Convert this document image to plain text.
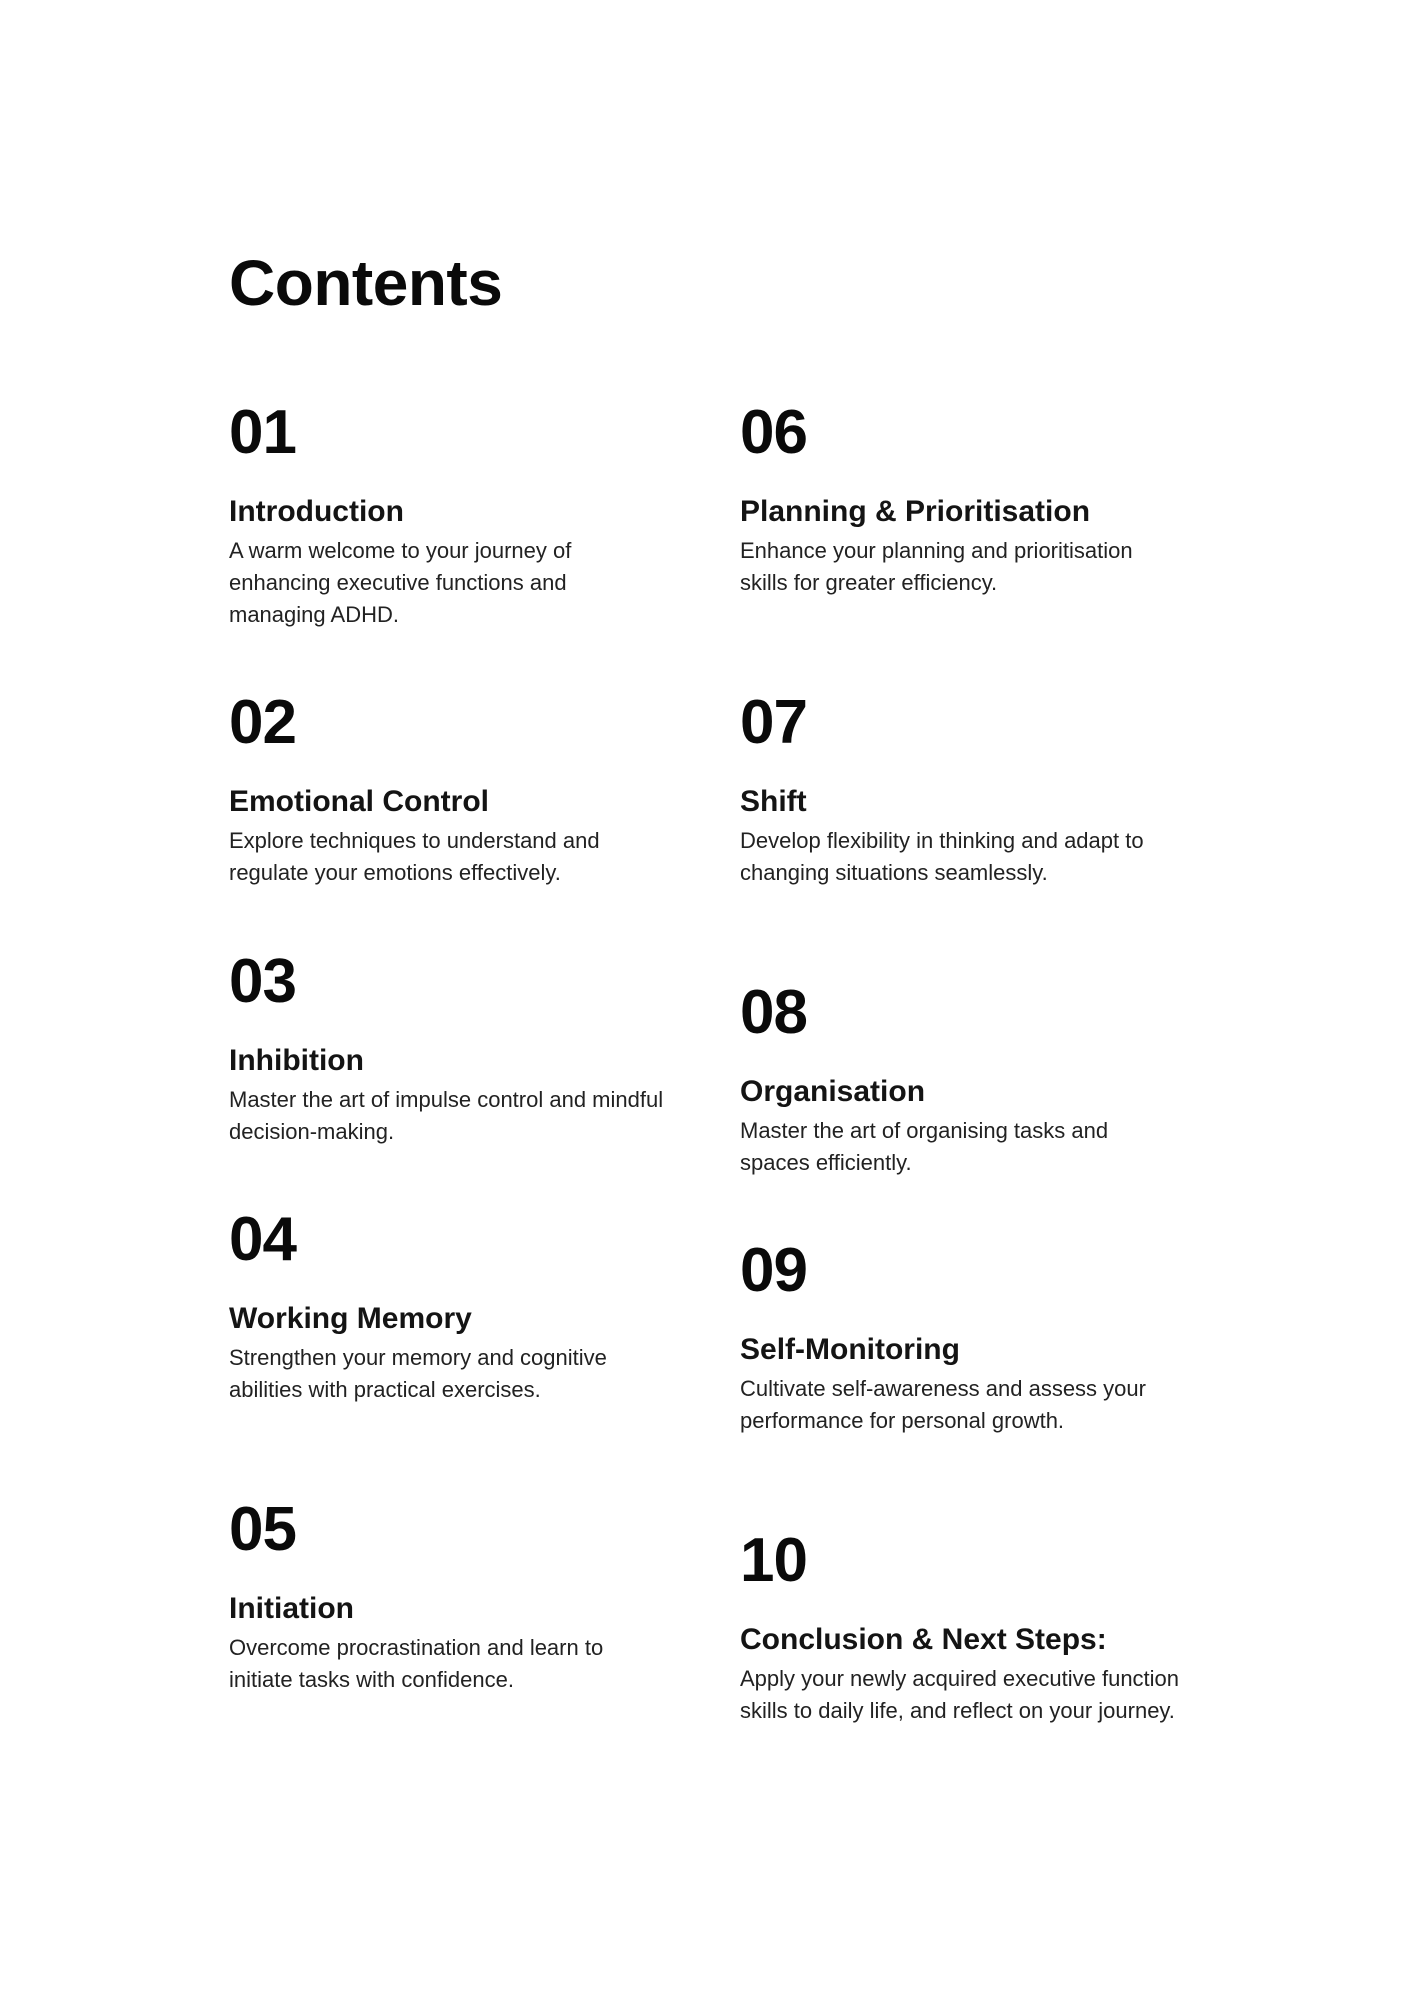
Contents
01
Introduction
A warm welcome to your journey of enhancing executive functions and managing ADHD.
02
Emotional Control
Explore techniques to understand and regulate your emotions effectively.
03
Inhibition
Master the art of impulse control and mindful decision-making.
04
Working Memory
Strengthen your memory and cognitive abilities with practical exercises.
05
Initiation
Overcome procrastination and learn to initiate tasks with confidence.
06
Planning & Prioritisation
Enhance your planning and prioritisation skills for greater efficiency.
07
Shift
Develop flexibility in thinking and adapt to changing situations seamlessly.
08
Organisation
Master the art of organising tasks and spaces efficiently.
09
Self-Monitoring
Cultivate self-awareness and assess your performance for personal growth.
10
Conclusion & Next Steps:
Apply your newly acquired executive function skills to daily life, and reflect on your journey.
